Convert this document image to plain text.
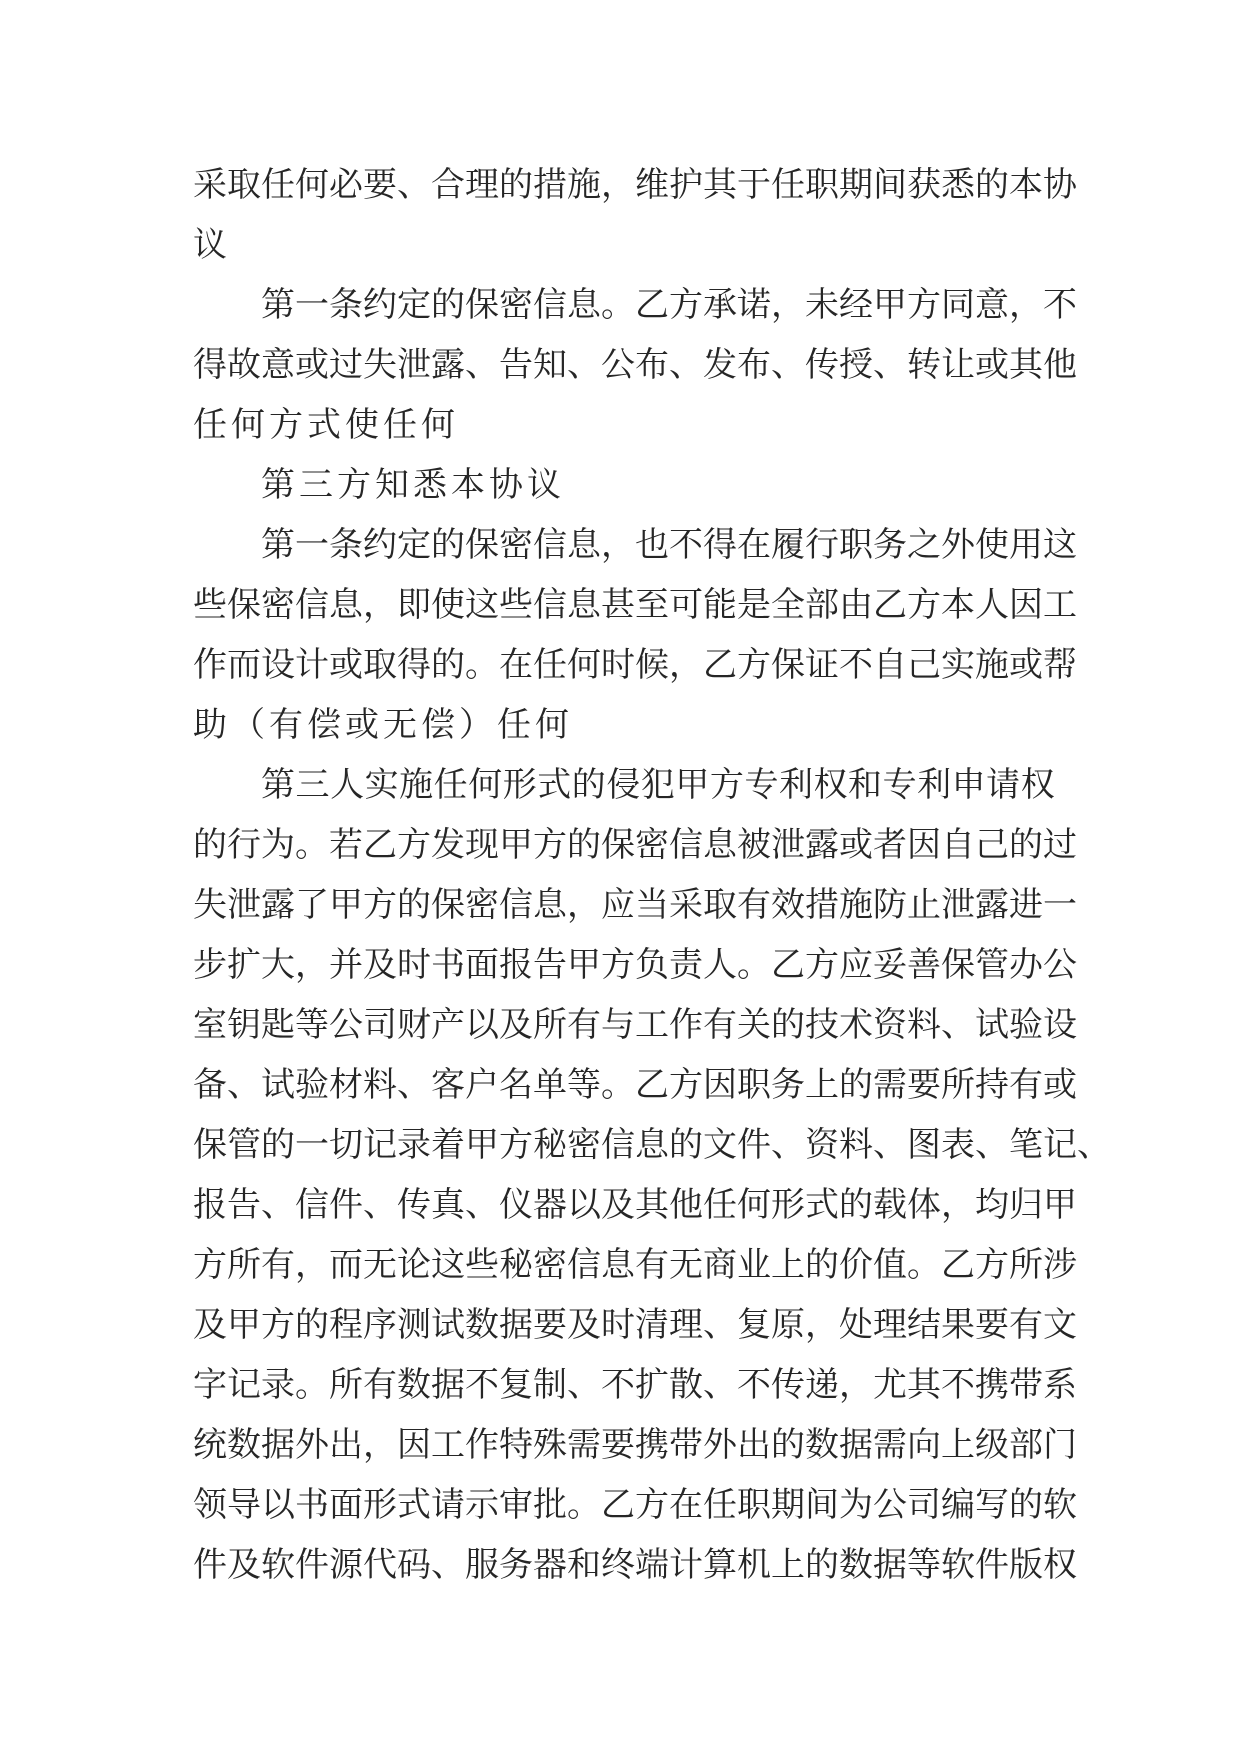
采 取 任 何 必 要 、 合 理 的 措 施 ， 维 护 其 于 任 职 期 间 获 悉 的 本 协
议
第 一 条 约 定 的 保 密 信 息 。 乙 方 承 诺 ， 未 经 甲 方 同 意 ， 不
得 故 意 或 过 失 泄 露 、 告 知 、 公 布 、 发 布 、 传 授 、 转 让 或 其 他
任何方式使任何
第三方知悉本协议
第 一 条 约 定 的 保 密 信 息 ， 也 不 得 在 履 行 职 务 之 外 使 用 这
些 保 密 信 息 ， 即 使 这 些 信 息 甚 至 可 能 是 全 部 由 乙 方 本 人 因 工
作 而 设 计 或 取 得 的 。 在 任 何 时 候 ， 乙 方 保 证 不 自 己 实 施 或 帮
助（有偿或无偿）任何
第 三 人 实 施 任 何 形 式 的 侵 犯 甲 方 专 利 权 和 专 利 申 请 权
的 行 为 。 若 乙 方 发 现 甲 方 的 保 密 信 息 被 泄 露 或 者 因 自 己 的 过
失 泄 露 了 甲 方 的 保 密 信 息 ， 应 当 采 取 有 效 措 施 防 止 泄 露 进 一
步 扩 大 ， 并 及 时 书 面 报 告 甲 方 负 责 人 。 乙 方 应 妥 善 保 管 办 公
室 钥 匙 等 公 司 财 产 以 及 所 有 与 工 作 有 关 的 技 术 资 料 、 试 验 设
备 、 试 验 材 料 、 客 户 名 单 等 。 乙 方 因 职 务 上 的 需 要 所 持 有 或
保 管 的 一 切 记 录 着 甲 方 秘 密 信 息 的 文 件 、 资 料 、 图 表 、 笔 记 、
报 告 、 信 件 、 传 真 、 仪 器 以 及 其 他 任 何 形 式 的 载 体 ， 均 归 甲
方 所 有 ， 而 无 论 这 些 秘 密 信 息 有 无 商 业 上 的 价 值 。 乙 方 所 涉
及 甲 方 的 程 序 测 试 数 据 要 及 时 清 理 、 复 原 ， 处 理 结 果 要 有 文
字 记 录 。 所 有 数 据 不 复 制 、 不 扩 散 、 不 传 递 ， 尤 其 不 携 带 系
统 数 据 外 出 ， 因 工 作 特 殊 需 要 携 带 外 出 的 数 据 需 向 上 级 部 门
领 导 以 书 面 形 式 请 示 审 批 。 乙 方 在 任 职 期 间 为 公 司 编 写 的 软
件 及 软 件 源 代 码 、 服 务 器 和 终 端 计 算 机 上 的 数 据 等 软 件 版 权
